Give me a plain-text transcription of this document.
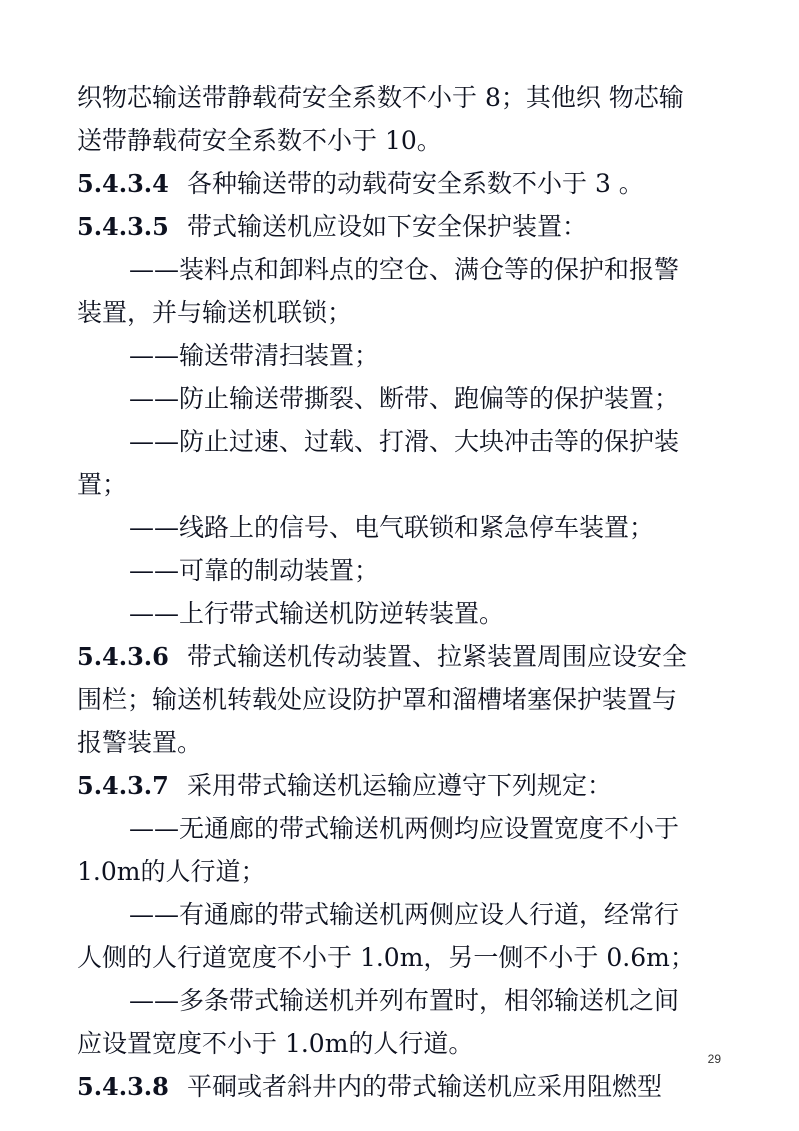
织物芯输送带静载荷安全系数不小于 8；其他织 物芯输
送带静载荷安全系数不小于 10。
5.4.3.4 各种输送带的动载荷安全系数不小于 3 。
5.4.3.5 带式输送机应设如下安全保护装置：
——装料点和卸料点的空仓、满仓等的保护和报警
装置，并与输送机联锁；
——输送带清扫装置；
——防止输送带撕裂、断带、跑偏等的保护装置；
——防止过速、过载、打滑、大块冲击等的保护装
置；
——线路上的信号、电气联锁和紧急停车装置；
——可靠的制动装置；
——上行带式输送机防逆转装置。
5.4.3.6 带式输送机传动装置、拉紧装置周围应设安全
围栏；输送机转载处应设防护罩和溜槽堵塞保护装置与
报警装置。
5.4.3.7 采用带式输送机运输应遵守下列规定：
——无通廊的带式输送机两侧均应设置宽度不小于
1.0m的人行道；
——有通廊的带式输送机两侧应设人行道，经常行
人侧的人行道宽度不小于 1.0m，另一侧不小于 0.6m；
——多条带式输送机并列布置时，相邻输送机之间
应设置宽度不小于 1.0m的人行道。
5.4.3.8 平硐或者斜井内的带式输送机应采用阻燃型
29
